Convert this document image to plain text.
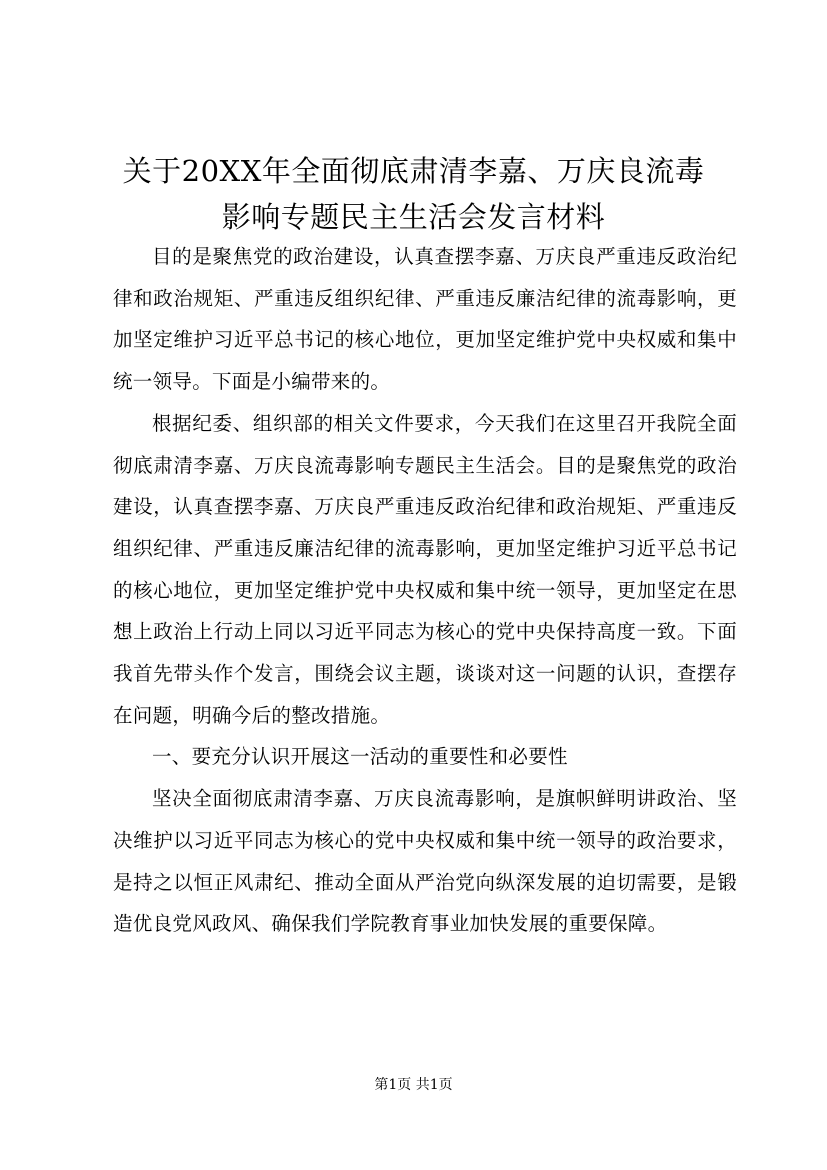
关于20XX年全面彻底肃清李嘉、万庆良流毒
影响专题民主生活会发言材料

目的是聚焦党的政治建设，认真查摆李嘉、万庆良严重违反政治纪律和政治规矩、严重违反组织纪律、严重违反廉洁纪律的流毒影响，更加坚定维护习近平总书记的核心地位，更加坚定维护党中央权威和集中统一领导。下面是小编带来的。

根据纪委、组织部的相关文件要求，今天我们在这里召开我院全面彻底肃清李嘉、万庆良流毒影响专题民主生活会。目的是聚焦党的政治建设，认真查摆李嘉、万庆良严重违反政治纪律和政治规矩、严重违反组织纪律、严重违反廉洁纪律的流毒影响，更加坚定维护习近平总书记的核心地位，更加坚定维护党中央权威和集中统一领导，更加坚定在思想上政治上行动上同以习近平同志为核心的党中央保持高度一致。下面我首先带头作个发言，围绕会议主题，谈谈对这一问题的认识，查摆存在问题，明确今后的整改措施。

一、要充分认识开展这一活动的重要性和必要性

坚决全面彻底肃清李嘉、万庆良流毒影响，是旗帜鲜明讲政治、坚决维护以习近平同志为核心的党中央权威和集中统一领导的政治要求，是持之以恒正风肃纪、推动全面从严治党向纵深发展的迫切需要，是锻造优良党风政风、确保我们学院教育事业加快发展的重要保障。

第1页 共1页
